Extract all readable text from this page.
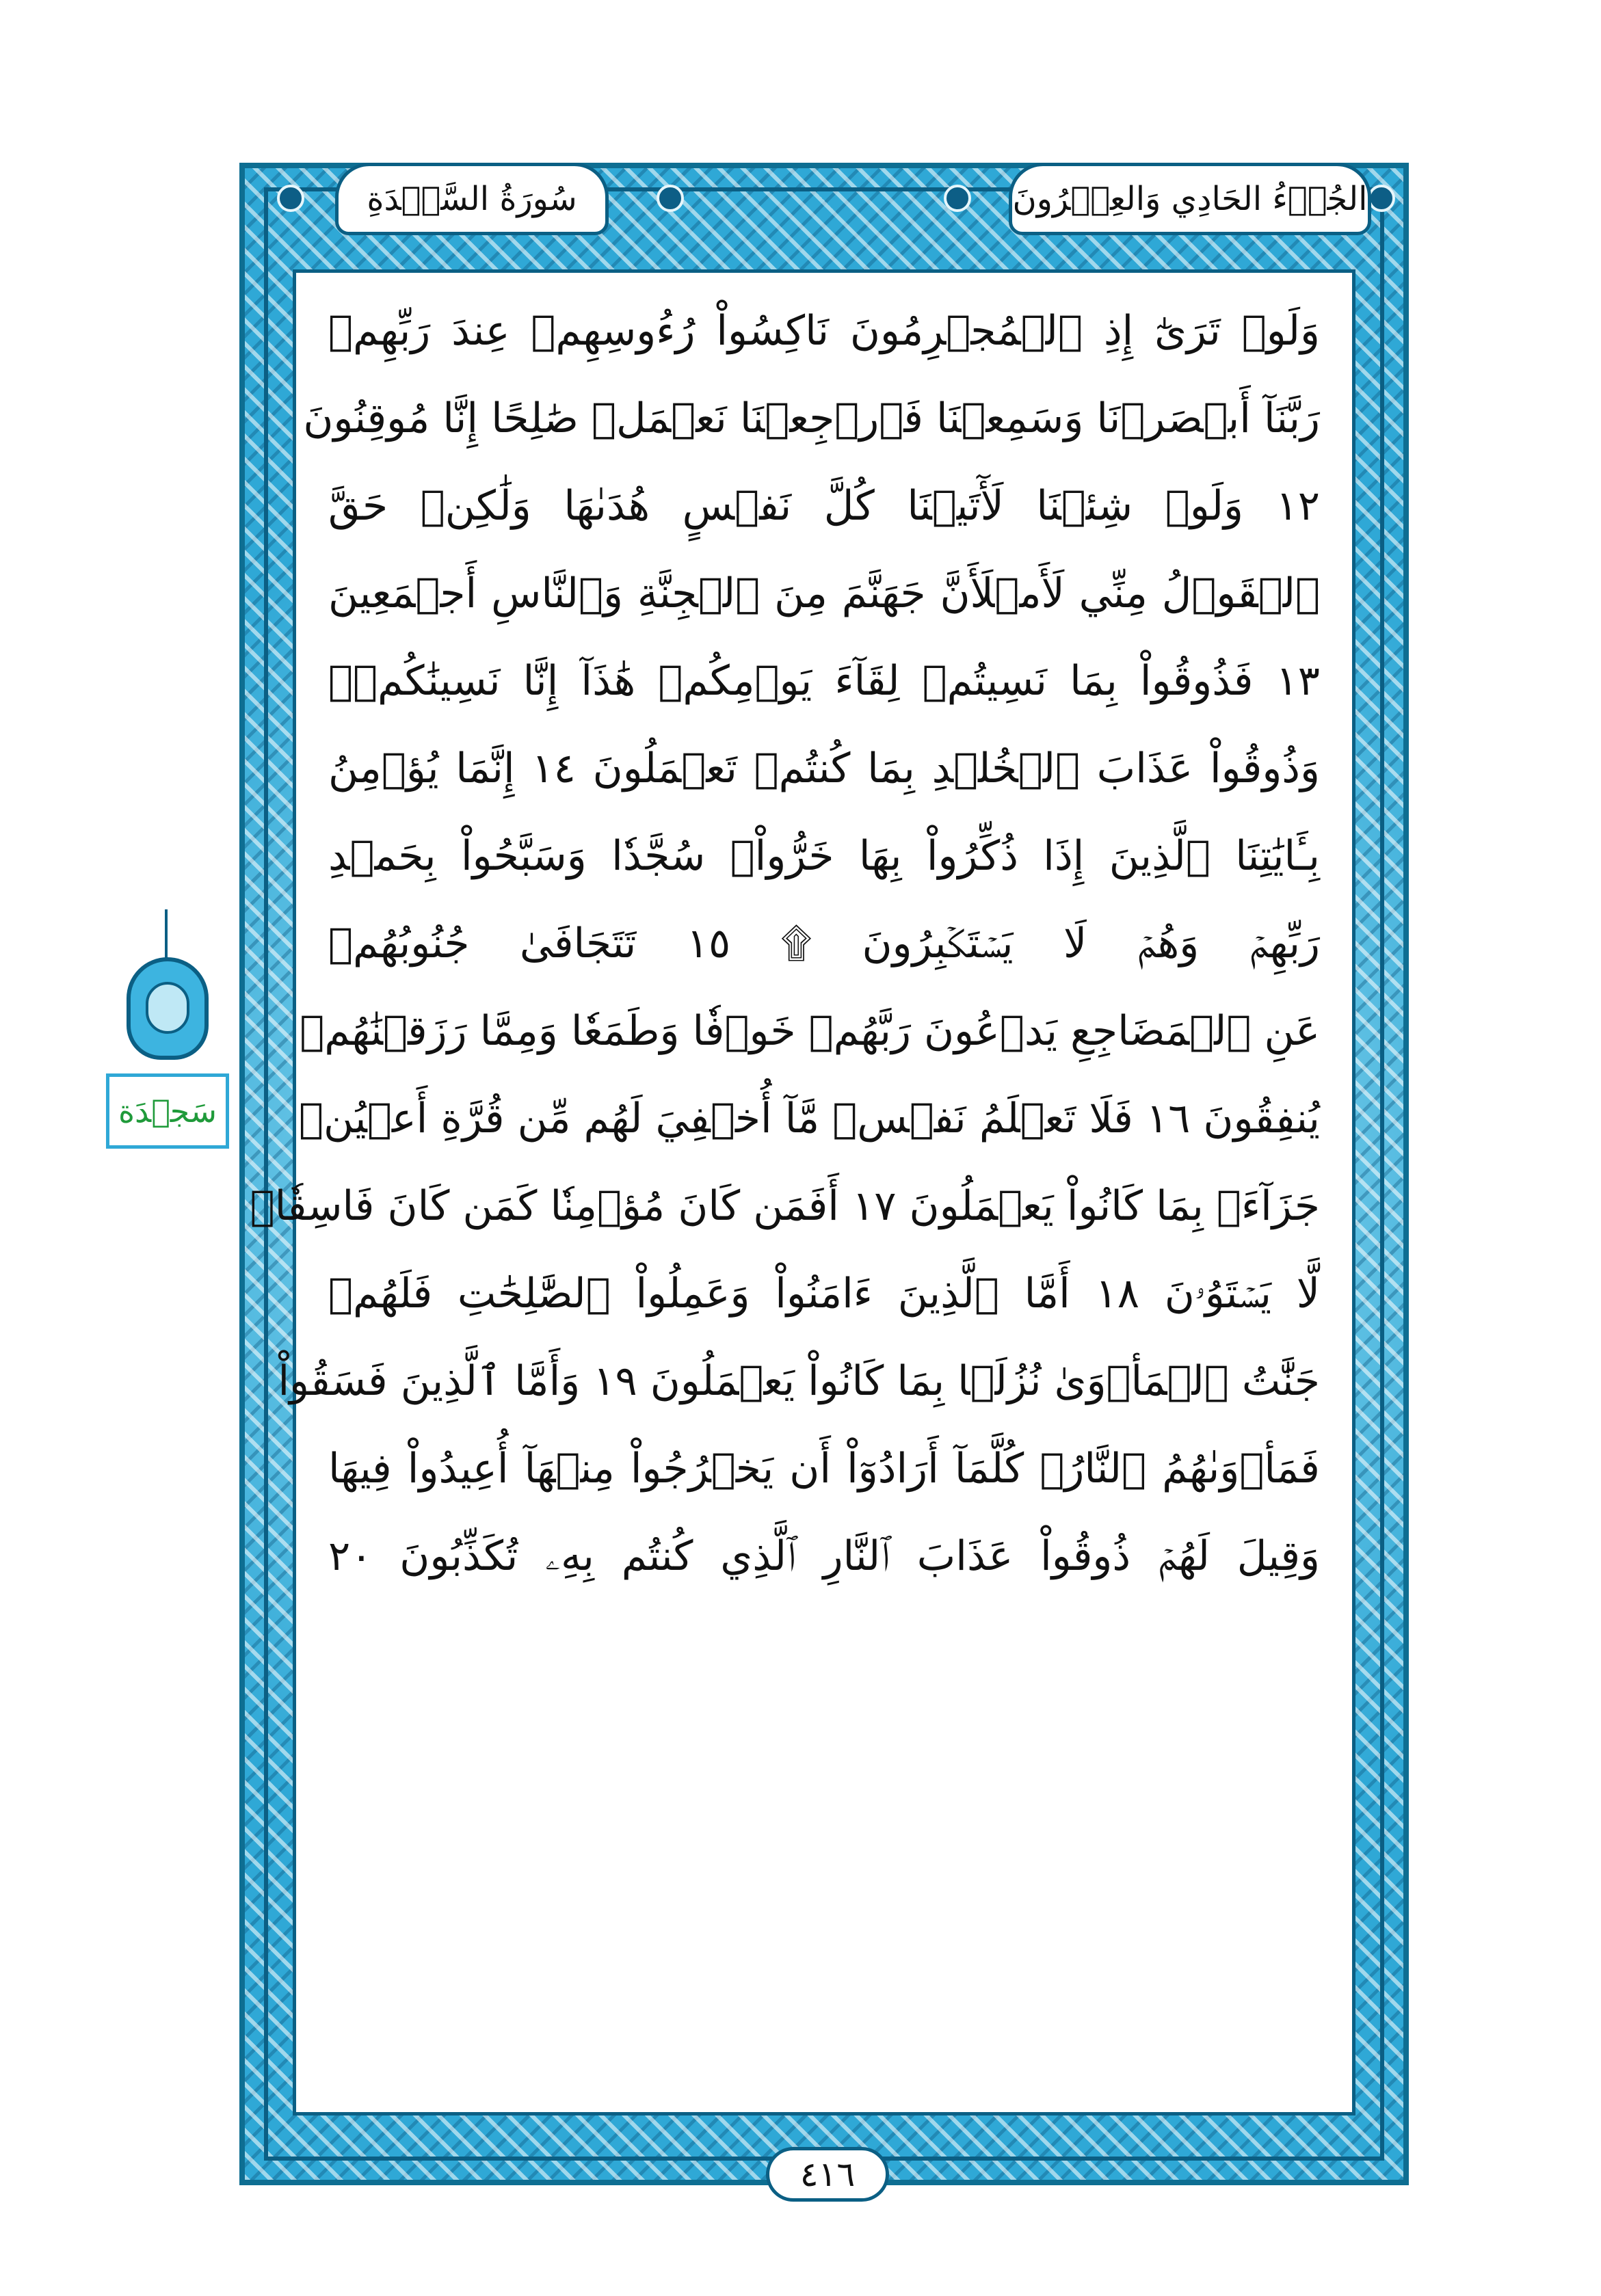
سُورَةُ السَّجۡدَةِ	الجُزۡءُ الحَادِي وَالعِشۡرُونَ
وَلَوۡ تَرَىٰٓ إِذِ ٱلۡمُجۡرِمُونَ نَاكِسُواْ رُءُوسِهِمۡ عِندَ رَبِّهِمۡ
رَبَّنَآ أَبۡصَرۡنَا وَسَمِعۡنَا فَٱرۡجِعۡنَا نَعۡمَلۡ صَٰلِحًا إِنَّا مُوقِنُونَ
١٢ وَلَوۡ شِئۡنَا لَأٓتَيۡنَا كُلَّ نَفۡسٍ هُدَىٰهَا وَلَٰكِنۡ حَقَّ
ٱلۡقَوۡلُ مِنِّي لَأَمۡلَأَنَّ جَهَنَّمَ مِنَ ٱلۡجِنَّةِ وَٱلنَّاسِ أَجۡمَعِينَ
١٣ فَذُوقُواْ بِمَا نَسِيتُمۡ لِقَآءَ يَوۡمِكُمۡ هَٰذَآ إِنَّا نَسِينَٰكُمۡۖ
وَذُوقُواْ عَذَابَ ٱلۡخُلۡدِ بِمَا كُنتُمۡ تَعۡمَلُونَ ١٤ إِنَّمَا يُؤۡمِنُ
بِـَٔايَٰتِنَا ٱلَّذِينَ إِذَا ذُكِّرُواْ بِهَا خَرُّواْۤ سُجَّدٗا وَسَبَّحُواْ بِحَمۡدِ
رَبِّهِمۡ وَهُمۡ لَا يَسۡتَكۡبِرُونَ ۩ ١٥ تَتَجَافَىٰ جُنُوبُهُمۡ
عَنِ ٱلۡمَضَاجِعِ يَدۡعُونَ رَبَّهُمۡ خَوۡفٗا وَطَمَعٗا وَمِمَّا رَزَقۡنَٰهُمۡ
يُنفِقُونَ ١٦ فَلَا تَعۡلَمُ نَفۡسٞ مَّآ أُخۡفِيَ لَهُم مِّن قُرَّةِ أَعۡيُنٖ
جَزَآءَۢ بِمَا كَانُواْ يَعۡمَلُونَ ١٧ أَفَمَن كَانَ مُؤۡمِنٗا كَمَن كَانَ فَاسِقٗاۚ
لَّا يَسۡتَوُۥنَ ١٨ أَمَّا ٱلَّذِينَ ءَامَنُواْ وَعَمِلُواْ ٱلصَّٰلِحَٰتِ فَلَهُمۡ
جَنَّٰتُ ٱلۡمَأۡوَىٰ نُزُلَۢا بِمَا كَانُواْ يَعۡمَلُونَ ١٩ وَأَمَّا ٱلَّذِينَ فَسَقُواْ
فَمَأۡوَىٰهُمُ ٱلنَّارُۖ كُلَّمَآ أَرَادُوٓاْ أَن يَخۡرُجُواْ مِنۡهَآ أُعِيدُواْ فِيهَا
وَقِيلَ لَهُمۡ ذُوقُواْ عَذَابَ ٱلنَّارِ ٱلَّذِي كُنتُم بِهِۦ تُكَذِّبُونَ ٢٠
٤١٦
سَجۡدَة
